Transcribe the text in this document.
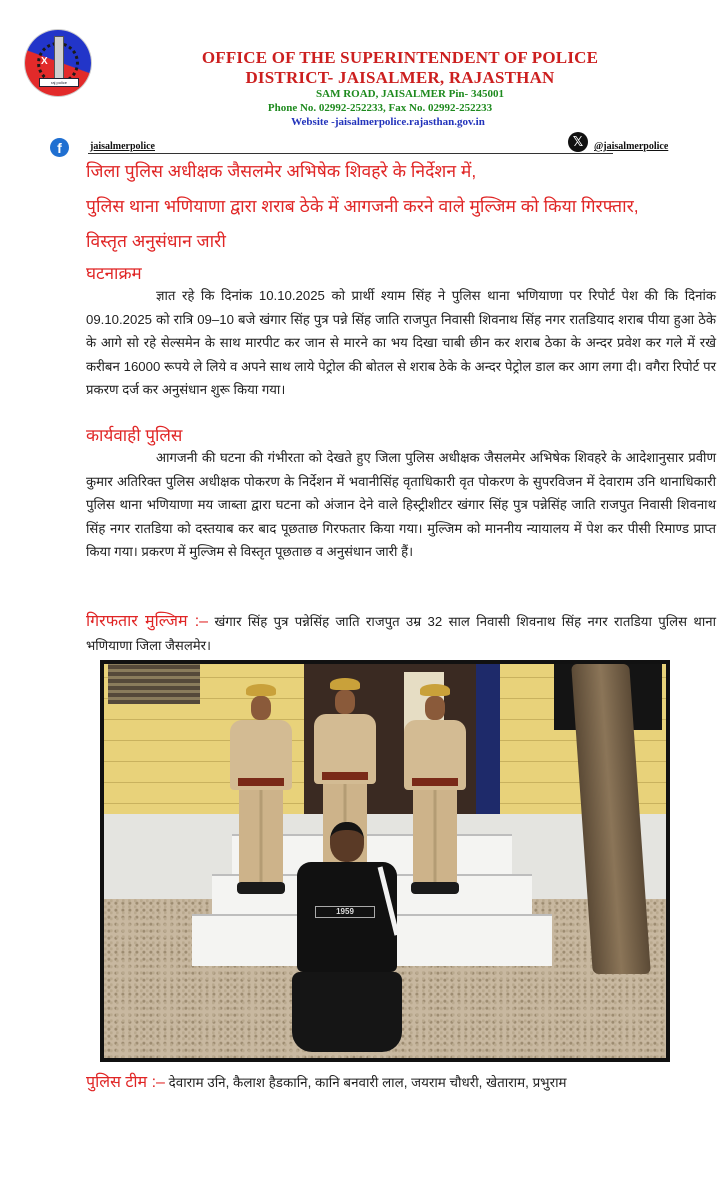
X
raj police
OFFICE OF THE SUPERINTENDENT OF POLICE
DISTRICT- JAISALMER, RAJASTHAN
SAM ROAD, JAISALMER Pin- 345001
Phone No. 02992-252233, Fax No. 02992-252233
Website -jaisalmerpolice.rajasthan.gov.in
f	jaisalmerpolice	𝕏	@jaisalmerpolice
जिला पुलिस अधीक्षक जैसलमेर अभिषेक शिवहरे के निर्देशन में,
पुलिस थाना भणियाणा द्वारा शराब ठेके में आगजनी करने वाले मुल्जिम को किया गिरफ्तार,
विस्तृत अनुसंधान जारी
घटनाक्रम
ज्ञात रहे कि दिनांक 10.10.2025 को प्रार्थी श्याम सिंह ने पुलिस थाना भणियाणा पर रिपोर्ट पेश की कि दिनांक 09.10.2025 को रात्रि 09–10 बजे खंगार सिंह पुत्र पन्ने सिंह जाति राजपुत निवासी शिवनाथ सिंह नगर रातडियाद शराब पीया हुआ ठेके के आगे सो रहे सेल्समेन के साथ मारपीट कर जान से मारने का भय दिखा चाबी छीन कर शराब ठेका के अन्दर प्रवेश कर गले में रखे करीबन 16000 रूपये ले लिये व अपने साथ लाये पेट्रोल की बोतल से शराब ठेके के अन्दर पेट्रोल डाल कर आग लगा दी। वगैरा रिपोर्ट पर प्रकरण दर्ज कर अनुसंधान शुरू किया गया।
कार्यवाही पुलिस
आगजनी की घटना की गंभीरता को देखते हुए जिला पुलिस अधीक्षक जैसलमेर अभिषेक शिवहरे के आदेशानुसार प्रवीण कुमार अतिरिक्त पुलिस अधीक्षक पोकरण के निर्देशन में भवानीसिंह वृताधिकारी वृत पोकरण के सुपरविजन में देवाराम उनि थानाधिकारी पुलिस थाना भणियाणा मय जाब्ता द्वारा घटना को अंजान देने वाले हिस्ट्रीशीटर खंगार सिंह पुत्र पन्नेसिंह जाति राजपुत निवासी शिवनाथ सिंह नगर रातडिया को दस्तयाब कर बाद पूछताछ गिरफतार किया गया। मुल्जिम को माननीय न्यायालय में पेश कर पीसी रिमाण्ड प्राप्त किया गया। प्रकरण में मुल्जिम से विस्तृत पूछताछ व अनुसंधान जारी हैं।
गिरफतार मुल्जिम :– खंगार सिंह पुत्र पन्नेसिंह जाति राजपुत उम्र 32 साल निवासी शिवनाथ सिंह नगर रातडिया पुलिस थाना भणियाणा जिला जैसलमेर।
1959
पुलिस टीम :– देवाराम उनि, कैलाश हैडकानि, कानि बनवारी लाल, जयराम चौधरी, खेताराम, प्रभुराम
